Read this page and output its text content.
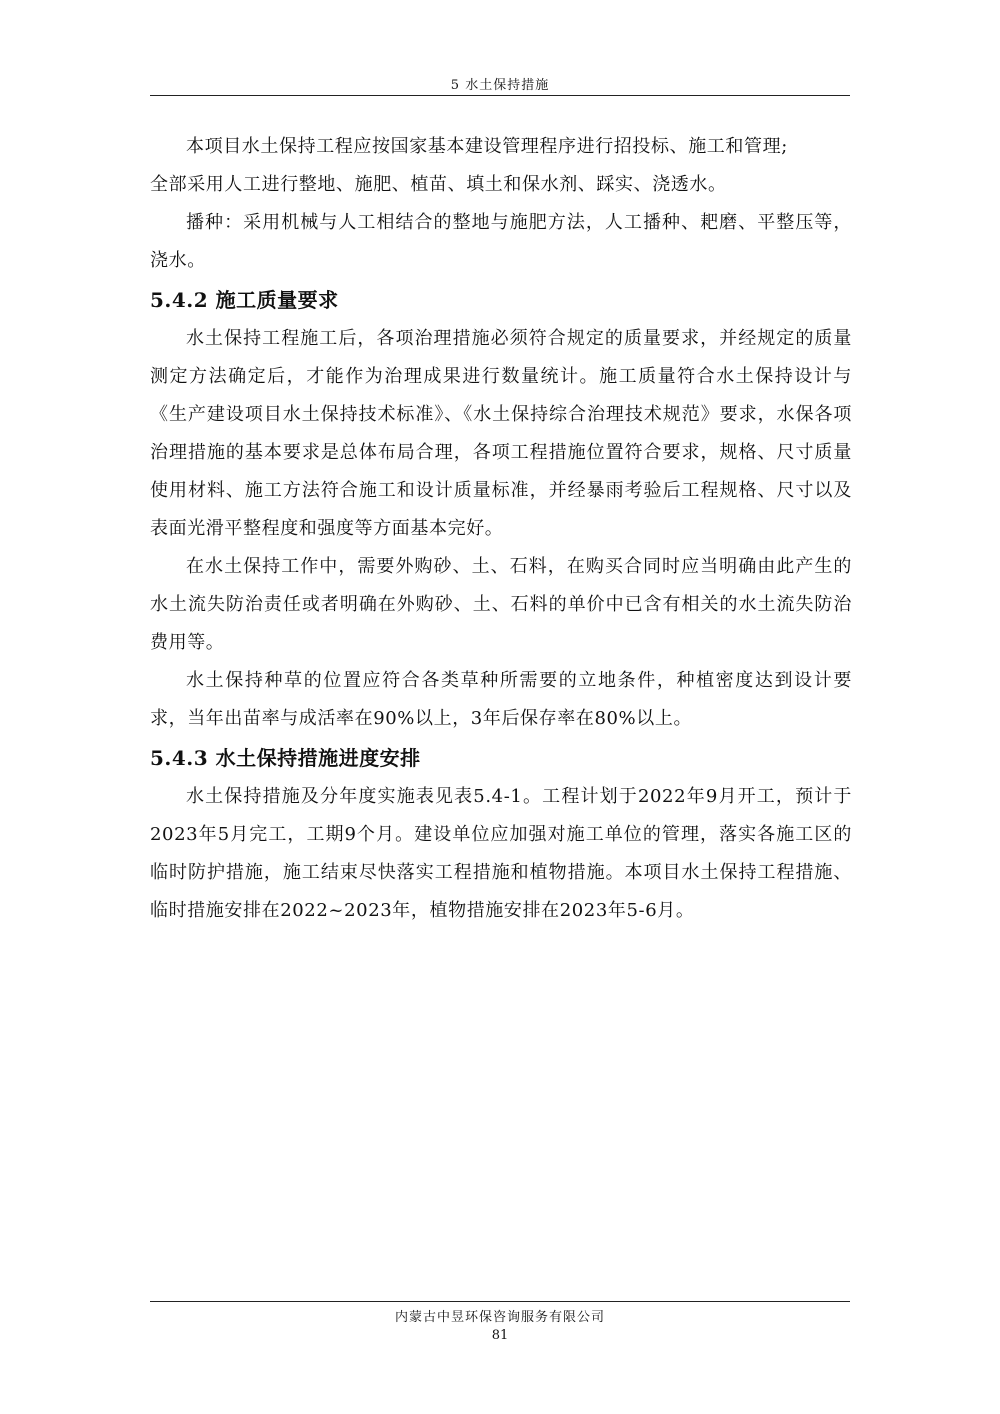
5 水土保持措施

本项目水土保持工程应按国家基本建设管理程序进行招投标、施工和管理;

全部采用人工进行整地、施肥、植苗、填土和保水剂、踩实、浇透水。

播种：采用机械与人工相结合的整地与施肥方法，人工播种、耙磨、平整压等，浇水。

5.4.2 施工质量要求

水土保持工程施工后，各项治理措施必须符合规定的质量要求，并经规定的质量测定方法确定后，才能作为治理成果进行数量统计。施工质量符合水土保持设计与《生产建设项目水土保持技术标准》、《水土保持综合治理技术规范》要求，水保各项治理措施的基本要求是总体布局合理，各项工程措施位置符合要求，规格、尺寸质量使用材料、施工方法符合施工和设计质量标准，并经暴雨考验后工程规格、尺寸以及表面光滑平整程度和强度等方面基本完好。

在水土保持工作中，需要外购砂、土、石料，在购买合同时应当明确由此产生的水土流失防治责任或者明确在外购砂、土、石料的单价中已含有相关的水土流失防治费用等。

水土保持种草的位置应符合各类草种所需要的立地条件，种植密度达到设计要求，当年出苗率与成活率在90%以上，3年后保存率在80%以上。

5.4.3 水土保持措施进度安排

水土保持措施及分年度实施表见表5.4-1。工程计划于2022年9月开工，预计于2023年5月完工，工期9个月。建设单位应加强对施工单位的管理，落实各施工区的临时防护措施，施工结束尽快落实工程措施和植物措施。本项目水土保持工程措施、临时措施安排在2022~2023年，植物措施安排在2023年5-6月。

内蒙古中昱环保咨询服务有限公司
81
